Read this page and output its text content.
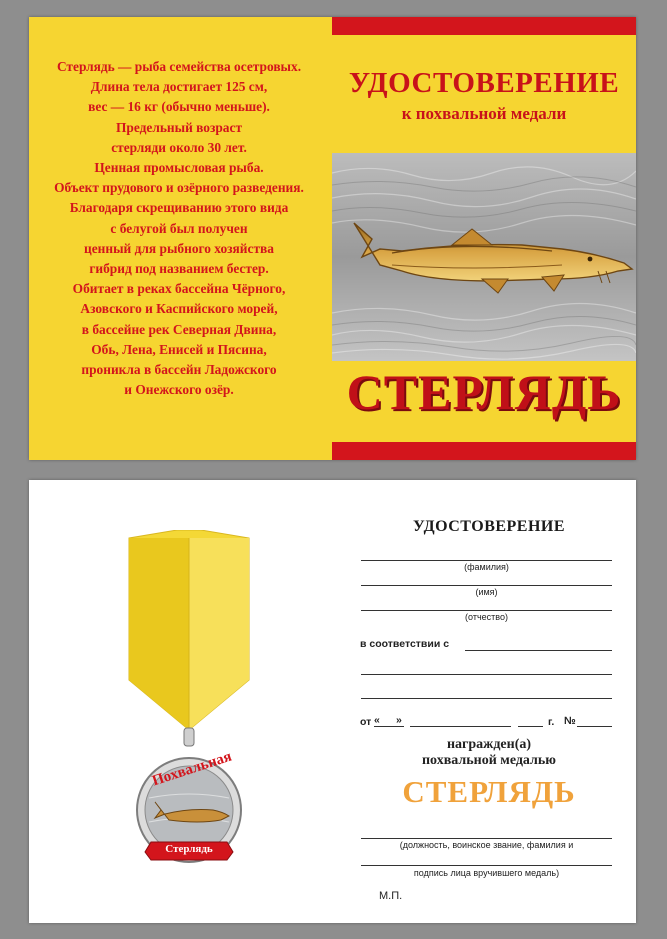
Стерлядь — рыба семейства осетровых.
Длина тела достигает 125 см,
вес — 16 кг (обычно меньше).
Предельный возраст
стерляди около 30 лет.
Ценная промысловая рыба.
Объект прудового и озёрного разведения.
Благодаря скрещиванию этого вида
с белугой был получен
ценный для рыбного хозяйства
гибрид под названием бестер.
Обитает в реках бассейна Чёрного,
Азовского и Каспийского морей,
в бассейне рек Северная Двина,
Обь, Лена, Енисей и Пясина,
проникла в бассейн Ладожского
и Онежского озёр.
УДОСТОВЕРЕНИЕ
к похвальной медали
СТЕРЛЯДЬ
Похвальная
Стерлядь
УДОСТОВЕРЕНИЕ
(фамилия)
(имя)
(отчество)
в соответствии с
от « »	г. №
награжден(а)
похвальной медалью
СТЕРЛЯДЬ
(должность, воинское звание, фамилия и
подпись лица вручившего медаль)
М.П.
